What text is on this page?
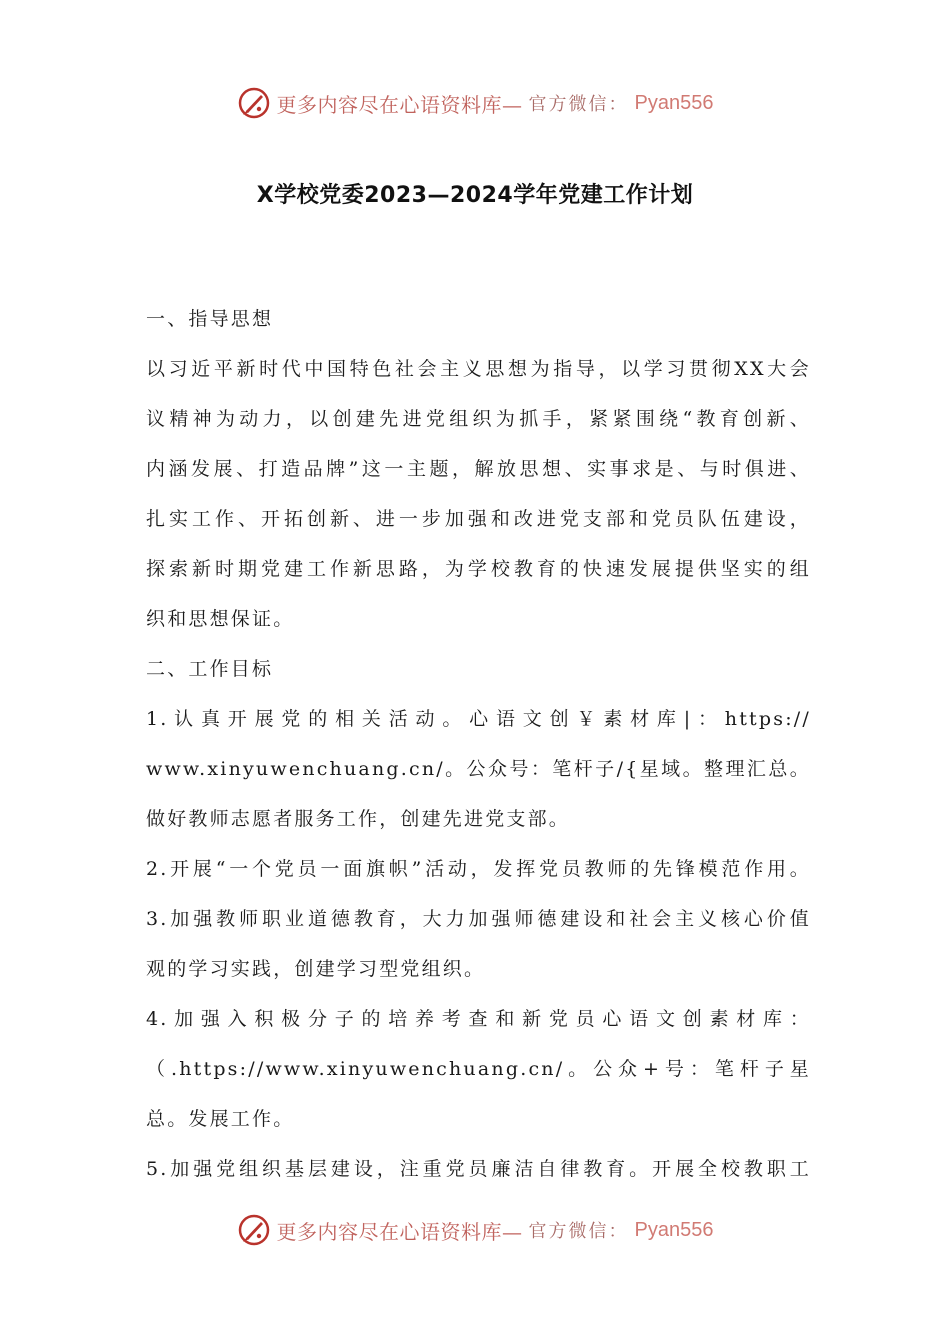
更多内容尽在心语资料库— 官方微信： Pyan556
X学校党委2023—2024学年党建工作计划
一、指导思想
以习近平新时代中国特色社会主义思想为指导，以学习贯彻XX大会
议精神为动力，以创建先进党组织为抓手，紧紧围绕“教育创新、
内涵发展、打造品牌”这一主题，解放思想、实事求是、与时俱进、
扎实工作、开拓创新、进一步加强和改进党支部和党员队伍建设，
探索新时期党建工作新思路，为学校教育的快速发展提供坚实的组
织和思想保证。
二、工作目标
1.认真开展党的相关活动。心语文创￥素材库|：https://
www.xinyuwenchuang.cn/。公众号：笔杆子/{星域。整理汇总。
做好教师志愿者服务工作，创建先进党支部。
2.开展“一个党员一面旗帜”活动，发挥党员教师的先锋模范作用。
3.加强教师职业道德教育，大力加强师德建设和社会主义核心价值
观的学习实践，创建学习型党组织。
4.加强入积极分子的培养考查和新党员心语文创素材库：
（.https://www.xinyuwenchuang.cn/。公众+号：笔杆子星
总。发展工作。
5.加强党组织基层建设，注重党员廉洁自律教育。开展全校教职工
更多内容尽在心语资料库— 官方微信： Pyan556
